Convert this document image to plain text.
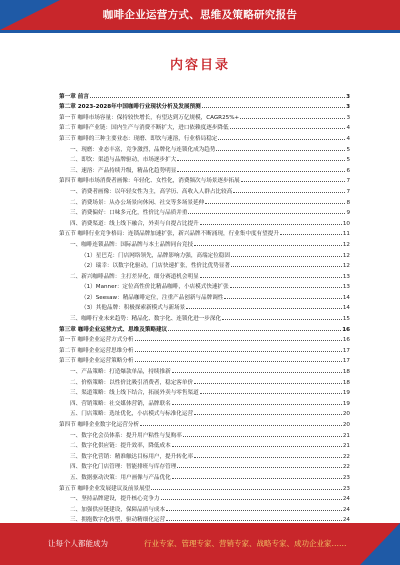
咖啡企业运营方式、思维及策略研究报告
内容目录
第一章 前言	3
第二章 2023-2028年中国咖啡行业现状分析及发展预测	3
第一节 咖啡市场容量：保持较快增长，有望达到万亿规模，CAGR25%+	3
第二节 咖啡产业链：国内生产与消费不断扩大，进口依赖度逐步降低	4
第三节 咖啡的三种主要业态：现磨、即饮与速溶，行业格局稳定	4
一、现磨：业态丰富，竞争激烈，品牌化与连锁化成为趋势	5
二、即饮：渠道与品牌驱动，市场逐步扩大	5
三、速溶：产品持续升级，精品化趋势明显	6
第四节 咖啡市场消费者画像：年轻化、女性化，消费频次与场景逐步拓展	7
一、消费者画像：以年轻女性为主，高学历、高收入人群占比较高	7
二、消费场景：从办公场景向休闲、社交等多场景延伸	8
三、消费偏好：口味多元化，性价比与品质并重	9
四、消费渠道：线上线下融合，外卖与自提占比提升	10
第五节 咖啡行业竞争格局：连锁品牌加速扩张，新兴品牌不断涌现，行业集中度有望提升	11
一、咖啡连锁品牌：国际品牌与本土品牌同台竞技	12
（1）星巴克：门店网络领先，品牌影响力强，高端定位稳固	12
（2）瑞幸：以数字化驱动，门店快速扩张，性价比优势显著	12
二、新兴咖啡品牌：主打差异化，细分赛道机会明显	13
（1）Manner：定位高性价比精品咖啡，小店模式快速扩张	13
（2）Seesaw：精品咖啡定位，注重产品创新与品牌调性	14
（3）其他品牌：积极探索新模式与新场景	14
三、咖啡行业未来趋势：精品化、数字化、连锁化进一步深化	15
第三章 咖啡企业运营方式、思维及策略建议	16
第一节 咖啡企业运营方式分析	16
第二节 咖啡企业运营思维分析	17
第三节 咖啡企业运营策略分析	17
一、产品策略：打造爆款单品，持续推新	18
二、价格策略：以性价比吸引消费者，稳定客单价	18
三、渠道策略：线上线下结合，拓展外卖与零售渠道	19
四、营销策略：社交媒体营销，品牌联名	19
五、门店策略：选址优化，小店模式与标准化运营	20
第四节 咖啡企业数字化运营分析	20
一、数字化会员体系：提升用户粘性与复购率	21
二、数字化供应链：提升效率，降低成本	21
三、数字化营销：精准触达目标用户，提升转化率	22
四、数字化门店管理：智能排班与库存管理	22
五、数据驱动决策：用户画像与产品优化	23
第五节 咖啡企业发展建议及前景展望	23
一、坚持品牌建设，提升核心竞争力	24
二、加强供应链建设，保障品质与成本	24
三、拥抱数字化转型，驱动精细化运营	24
让每个人都能成为	行业专家、管理专家、营销专家、战略专家、成功企业家……
